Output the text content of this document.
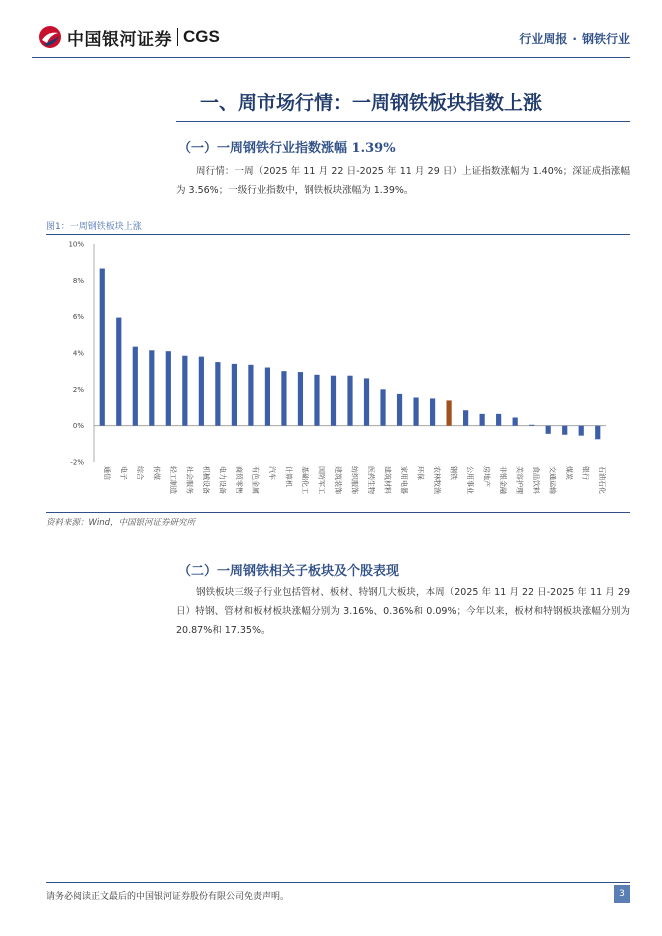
中国银河证券 CGS	行业周报 · 钢铁行业
一、周市场行情：一周钢铁板块指数上涨
（一）一周钢铁行业指数涨幅 1.39%
周行情：一周（2025 年 11 月 22 日-2025 年 11 月 29 日）上证指数涨幅为 1.40%；深证成指涨幅为 3.56%；一级行业指数中，钢铁板块涨幅为 1.39%。
图1：一周钢铁板块上涨
10%
8%
6%
4%
2%
0%
-2%
通信 电子 综合 传媒 轻工制造 社会服务 机械设备 电力设备 商贸零售 有色金属 汽车 计算机 基础化工 国防军工 建筑装饰 纺织服饰 医药生物 建筑材料 家用电器 环保 农林牧渔 钢铁 公用事业 房地产 非银金融 美容护理 食品饮料 交通运输 煤炭 银行 石油石化
资料来源：Wind，中国银河证券研究所
（二）一周钢铁相关子板块及个股表现
钢铁板块三级子行业包括管材、板材、特钢几大板块，本周（2025 年 11 月 22 日-2025 年 11 月 29 日）特钢、管材和板材板块涨幅分别为 3.16%、0.36%和 0.09%；今年以来，板材和特钢板块涨幅分别为 20.87%和 17.35%。
请务必阅读正文最后的中国银河证券股份有限公司免责声明。	3
